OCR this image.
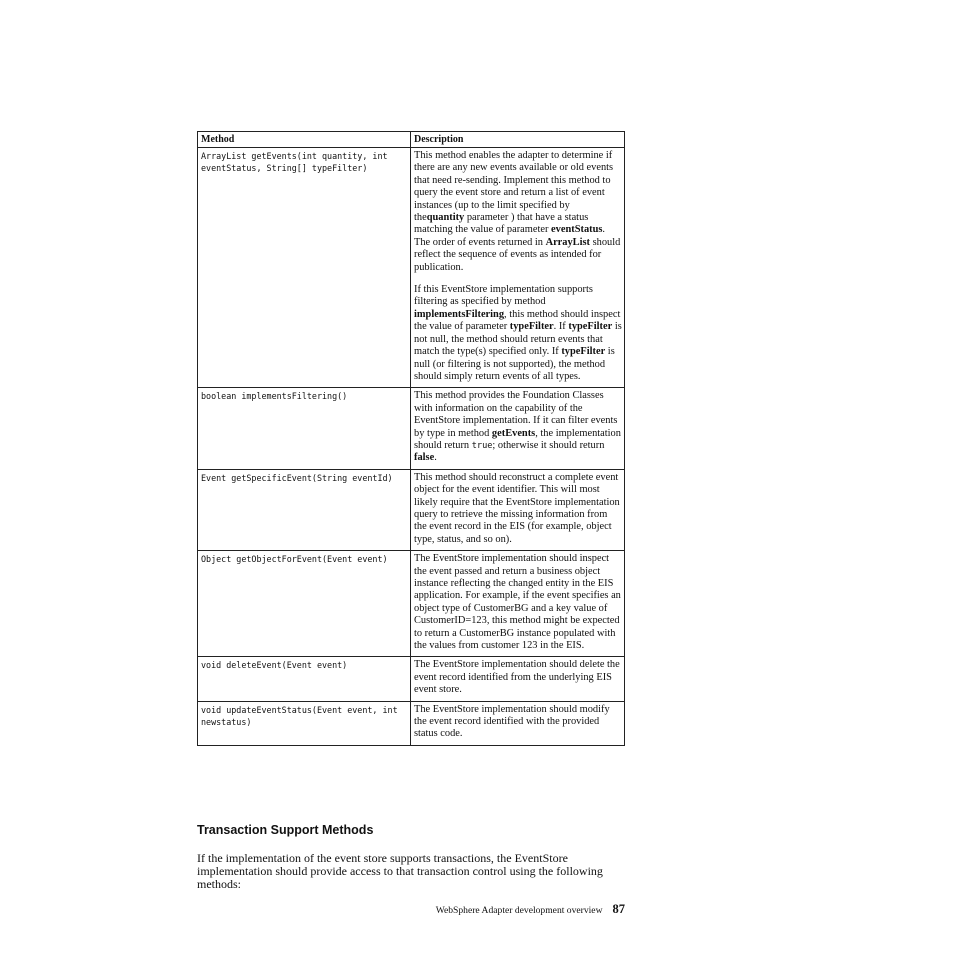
Method	Description
ArrayList getEvents(int quantity, int eventStatus, String[] typeFilter)	This method enables the adapter to determine if there are any new events available or old events that need re-sending. Implement this method to query the event store and return a list of event instances (up to the limit specified by thequantity parameter ) that have a status matching the value of parameter eventStatus. The order of events returned in ArrayList should reflect the sequence of events as intended for publication.

If this EventStore implementation supports filtering as specified by method implementsFiltering, this method should inspect the value of parameter typeFilter. If typeFilter is not null, the method should return events that match the type(s) specified only. If typeFilter is null (or filtering is not supported), the method should simply return events of all types.

boolean implementsFiltering()	This method provides the Foundation Classes with information on the capability of the EventStore implementation. If it can filter events by type in method getEvents, the implementation should return true; otherwise it should return false.
Event getSpecificEvent(String eventId)	This method should reconstruct a complete event object for the event identifier. This will most likely require that the EventStore implementation query to retrieve the missing information from the event record in the EIS (for example, object type, status, and so on).
Object getObjectForEvent(Event event)	The EventStore implementation should inspect the event passed and return a business object instance reflecting the changed entity in the EIS application. For example, if the event specifies an object type of CustomerBG and a key value of CustomerID=123, this method might be expected to return a CustomerBG instance populated with the values from customer 123 in the EIS.
void deleteEvent(Event event)	The EventStore implementation should delete the event record identified from the underlying EIS event store.
void updateEventStatus(Event event, int newstatus)	The EventStore implementation should modify the event record identified with the provided status code.
Transaction Support Methods

If the implementation of the event store supports transactions, the EventStore implementation should provide access to that transaction control using the following methods:

WebSphere Adapter development overview 87
